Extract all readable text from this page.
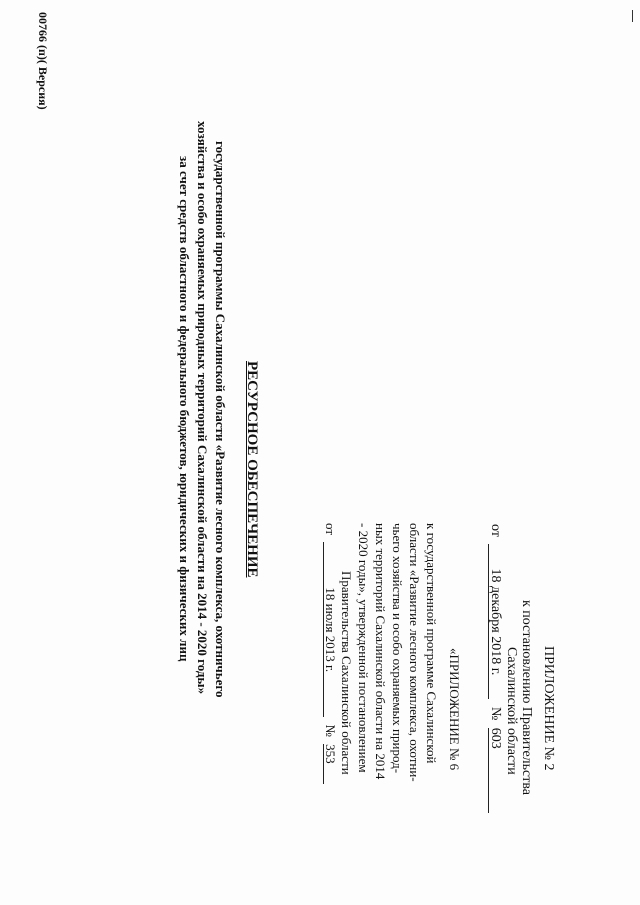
ПРИЛОЖЕНИЕ № 2
к постановлению Правительства
Сахалинской области
от 18 декабря 2018 г. № 603
«ПРИЛОЖЕНИЕ № 6
к государственной программе Сахалинской
области «Развитие лесного комплекса, охотни-
чьего хозяйства и особо охраняемых природ-
ных территорий Сахалинской области на 2014
- 2020 годы», утвержденной постановлением
Правительства Сахалинской области
от 18 июля 2013 г. № 353
РЕСУРСНОЕ ОБЕСПЕЧЕНИЕ
государственной программы Сахалинской области «Развитие лесного комплекса, охотничьего
хозяйства и особо охраняемых природных территорий Сахалинской области на 2014 - 2020 годы»
за счет средств областного и федерального бюджетов, юридических и физических лиц
00766 (п)( Версия)
